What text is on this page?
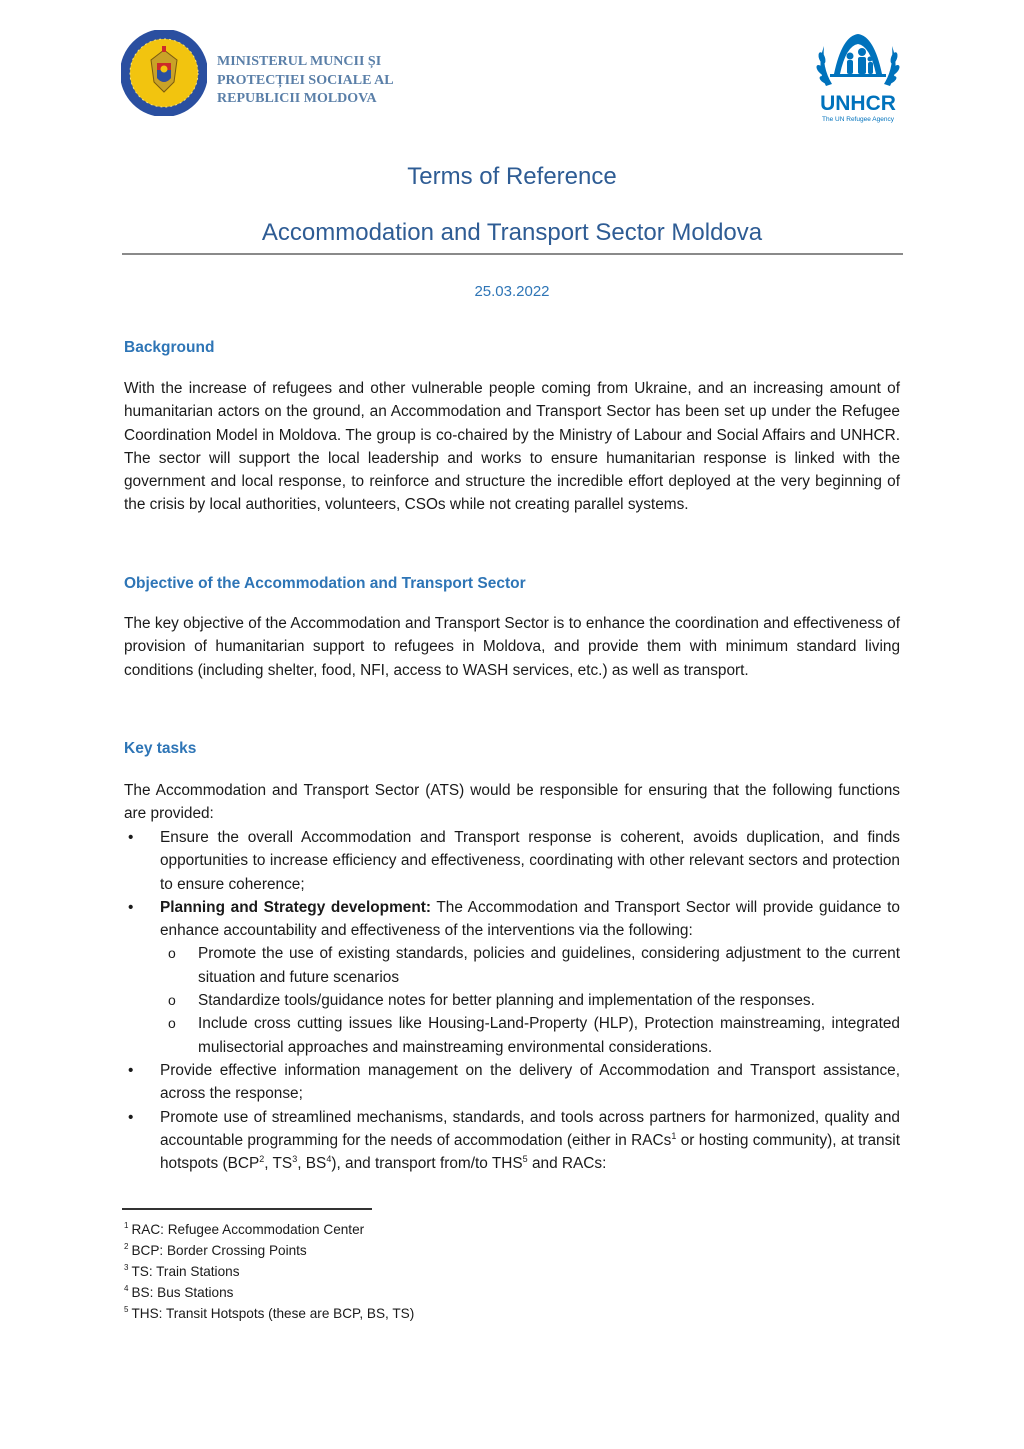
MINISTERUL MUNCII ȘI
PROTECȚIEI SOCIALE AL
REPUBLICII MOLDOVA	UNHCR
The UN Refugee Agency
Terms of Reference
Accommodation and Transport Sector Moldova
25.03.2022
Background
With the increase of refugees and other vulnerable people coming from Ukraine, and an increasing amount of humanitarian actors on the ground, an Accommodation and Transport Sector has been set up under the Refugee Coordination Model in Moldova. The group is co-chaired by the Ministry of Labour and Social Affairs and UNHCR. The sector will support the local leadership and works to ensure humanitarian response is linked with the government and local response, to reinforce and structure the incredible effort deployed at the very beginning of the crisis by local authorities, volunteers, CSOs while not creating parallel systems.
Objective of the Accommodation and Transport Sector
The key objective of the Accommodation and Transport Sector is to enhance the coordination and effectiveness of provision of humanitarian support to refugees in Moldova, and provide them with minimum standard living conditions (including shelter, food, NFI, access to WASH services, etc.) as well as transport.
Key tasks
The Accommodation and Transport Sector (ATS) would be responsible for ensuring that the following functions are provided:
• Ensure the overall Accommodation and Transport response is coherent, avoids duplication, and finds opportunities to increase efficiency and effectiveness, coordinating with other relevant sectors and protection to ensure coherence;
• Planning and Strategy development: The Accommodation and Transport Sector will provide guidance to enhance accountability and effectiveness of the interventions via the following:
o Promote the use of existing standards, policies and guidelines, considering adjustment to the current situation and future scenarios
o Standardize tools/guidance notes for better planning and implementation of the responses.
o Include cross cutting issues like Housing-Land-Property (HLP), Protection mainstreaming, integrated mulisectorial approaches and mainstreaming environmental considerations.
• Provide effective information management on the delivery of Accommodation and Transport assistance, across the response;
• Promote use of streamlined mechanisms, standards, and tools across partners for harmonized, quality and accountable programming for the needs of accommodation (either in RACs$^1$ or hosting community), at transit hotspots (BCP$^2$, $TS^3$, $BS^4$), and transport from/to THS$^5$ and RACs:
$^1$ RAC: Refugee Accommodation Center
$^2$ BCP: Border Crossing Points
$^3$ TS: Train Stations
$^4$ BS: Bus Stations
$^5$ THS: Transit Hotspots (these are BCP, BS, TS)
